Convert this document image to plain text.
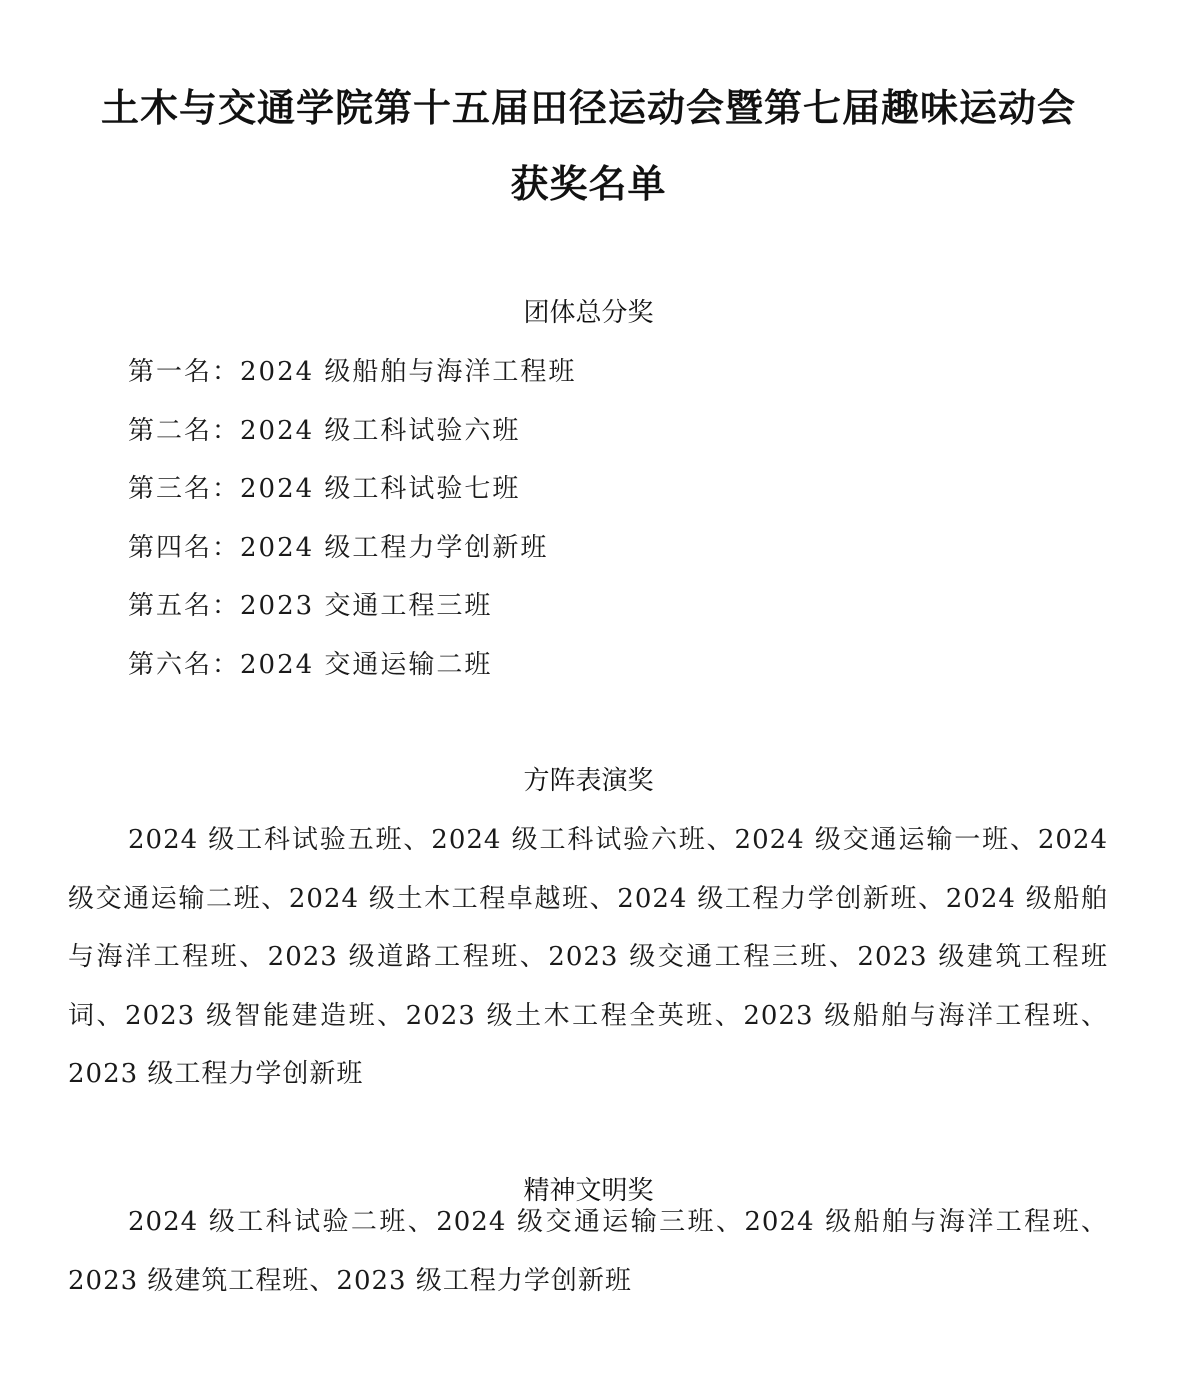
土木与交通学院第十五届田径运动会暨第七届趣味运动会
获奖名单
团体总分奖
第一名：2024 级船舶与海洋工程班
第二名：2024 级工科试验六班
第三名：2024 级工科试验七班
第四名：2024 级工程力学创新班
第五名：2023 交通工程三班
第六名：2024 交通运输二班
方阵表演奖

2024 级工科试验五班、2024 级工科试验六班、2024 级交通运输一班、2024 级交通运输二班、2024 级土木工程卓越班、2024 级工程力学创新班、2024 级船舶与海洋工程班、2023 级道路工程班、2023 级交通工程三班、2023 级建筑工程班词、2023 级智能建造班、2023 级土木工程全英班、2023 级船舶与海洋工程班、2023 级工程力学创新班

精神文明奖

2024 级工科试验二班、2024 级交通运输三班、2024 级船舶与海洋工程班、2023 级建筑工程班、2023 级工程力学创新班
